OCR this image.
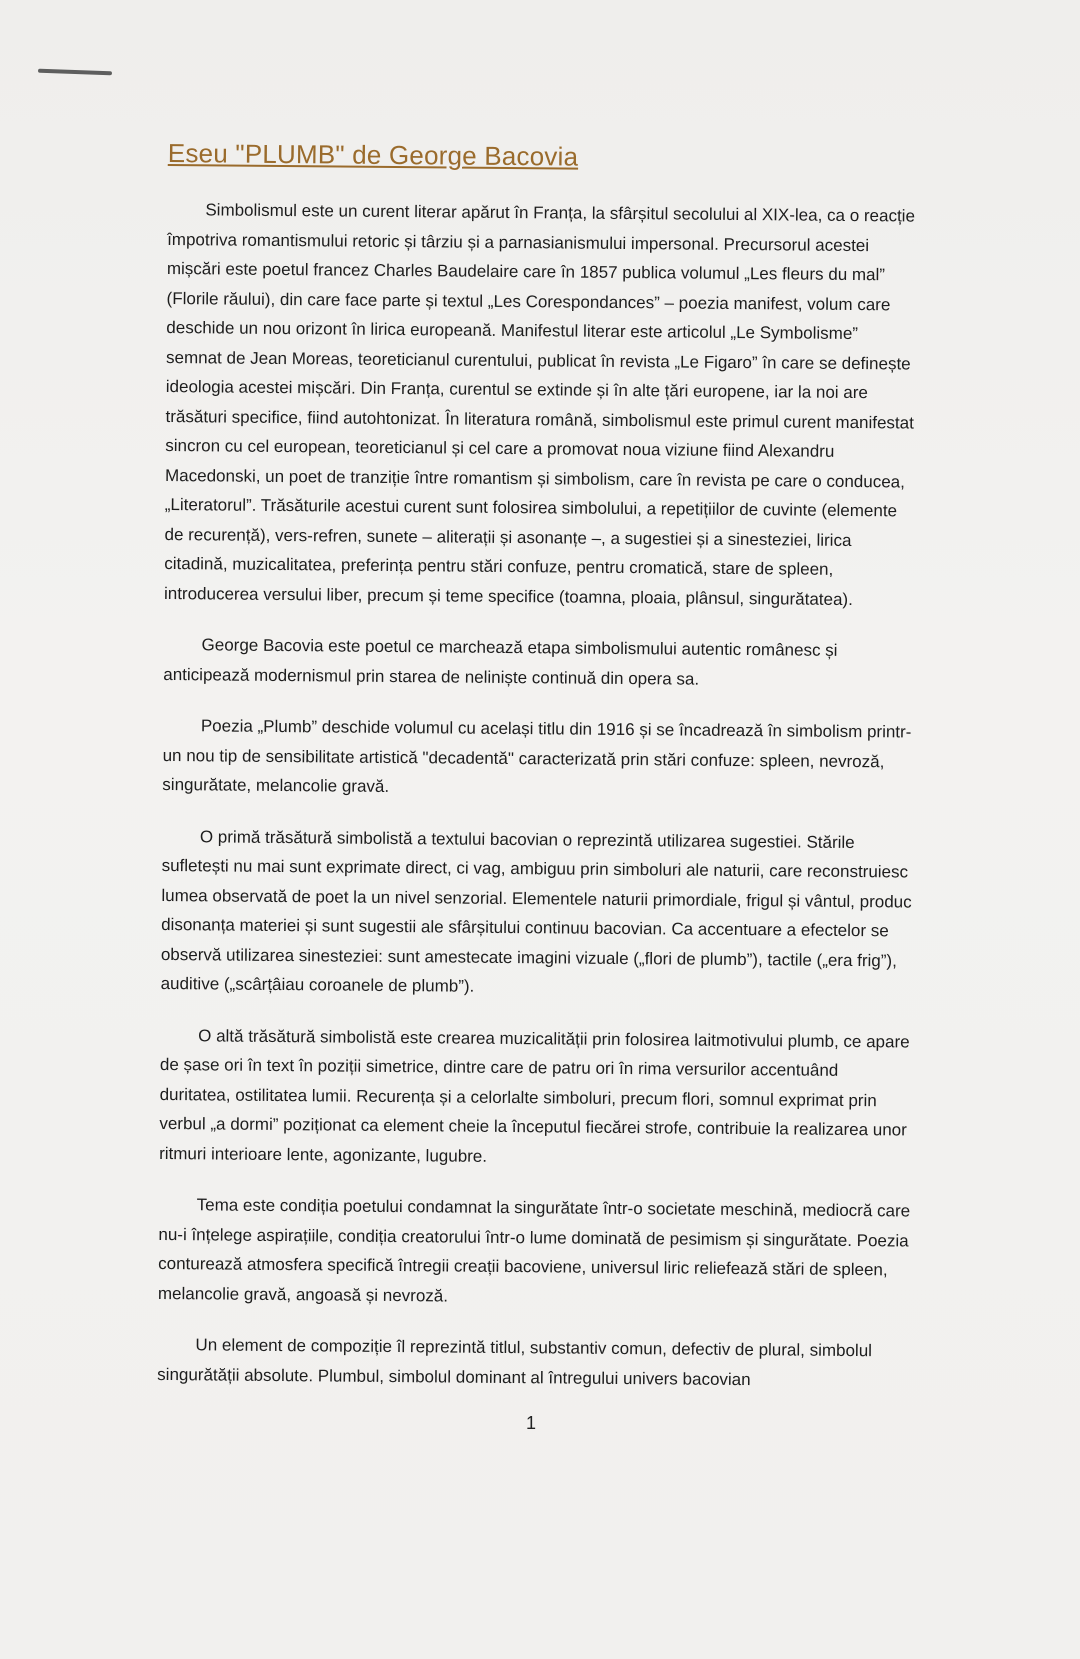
Eseu "PLUMB" de George Bacovia

Simbolismul este un curent literar apărut în Franța, la sfârșitul secolului al XIX-lea, ca o reacție împotriva romantismului retoric și târziu și a parnasianismului impersonal. Precursorul acestei mișcări este poetul francez Charles Baudelaire care în 1857 publica volumul „Les fleurs du mal” (Florile răului), din care face parte și textul „Les Corespondances” – poezia manifest, volum care deschide un nou orizont în lirica europeană. Manifestul literar este articolul „Le Symbolisme” semnat de Jean Moreas, teoreticianul curentului, publicat în revista „Le Figaro” în care se definește ideologia acestei mișcări. Din Franța, curentul se extinde și în alte țări europene, iar la noi are trăsături specifice, fiind autohtonizat. În literatura română, simbolismul este primul curent manifestat sincron cu cel european, teoreticianul și cel care a promovat noua viziune fiind Alexandru Macedonski, un poet de tranziție între romantism și simbolism, care în revista pe care o conducea, „Literatorul”. Trăsăturile acestui curent sunt folosirea simbolului, a repetițiilor de cuvinte (elemente de recurență), vers-refren, sunete – aliterații și asonanțe –, a sugestiei și a sinesteziei, lirica citadină, muzicalitatea, preferința pentru stări confuze, pentru cromatică, stare de spleen, introducerea versului liber, precum și teme specifice (toamna, ploaia, plânsul, singurătatea).

George Bacovia este poetul ce marchează etapa simbolismului autentic românesc și anticipează modernismul prin starea de neliniște continuă din opera sa.

Poezia „Plumb” deschide volumul cu același titlu din 1916 și se încadrează în simbolism printr-un nou tip de sensibilitate artistică "decadentă" caracterizată prin stări confuze: spleen, nevroză, singurătate, melancolie gravă.

O primă trăsătură simbolistă a textului bacovian o reprezintă utilizarea sugestiei. Stările sufletești nu mai sunt exprimate direct, ci vag, ambiguu prin simboluri ale naturii, care reconstruiesc lumea observată de poet la un nivel senzorial. Elementele naturii primordiale, frigul și vântul, produc disonanța materiei și sunt sugestii ale sfârșitului continuu bacovian. Ca accentuare a efectelor se observă utilizarea sinesteziei: sunt amestecate imagini vizuale („flori de plumb”), tactile („era frig”), auditive („scârțâiau coroanele de plumb”).

O altă trăsătură simbolistă este crearea muzicalității prin folosirea laitmotivului plumb, ce apare de șase ori în text în poziții simetrice, dintre care de patru ori în rima versurilor accentuând duritatea, ostilitatea lumii. Recurența și a celorlalte simboluri, precum flori, somnul exprimat prin verbul „a dormi” poziționat ca element cheie la începutul fiecărei strofe, contribuie la realizarea unor ritmuri interioare lente, agonizante, lugubre.

Tema este condiția poetului condamnat la singurătate într-o societate meschină, mediocră care nu-i înțelege aspirațiile, condiția creatorului într-o lume dominată de pesimism și singurătate. Poezia conturează atmosfera specifică întregii creații bacoviene, universul liric reliefează stări de spleen, melancolie gravă, angoasă și nevroză.

Un element de compoziție îl reprezintă titlul, substantiv comun, defectiv de plural, simbolul singurătății absolute. Plumbul, simbolul dominant al întregului univers bacovian

1
